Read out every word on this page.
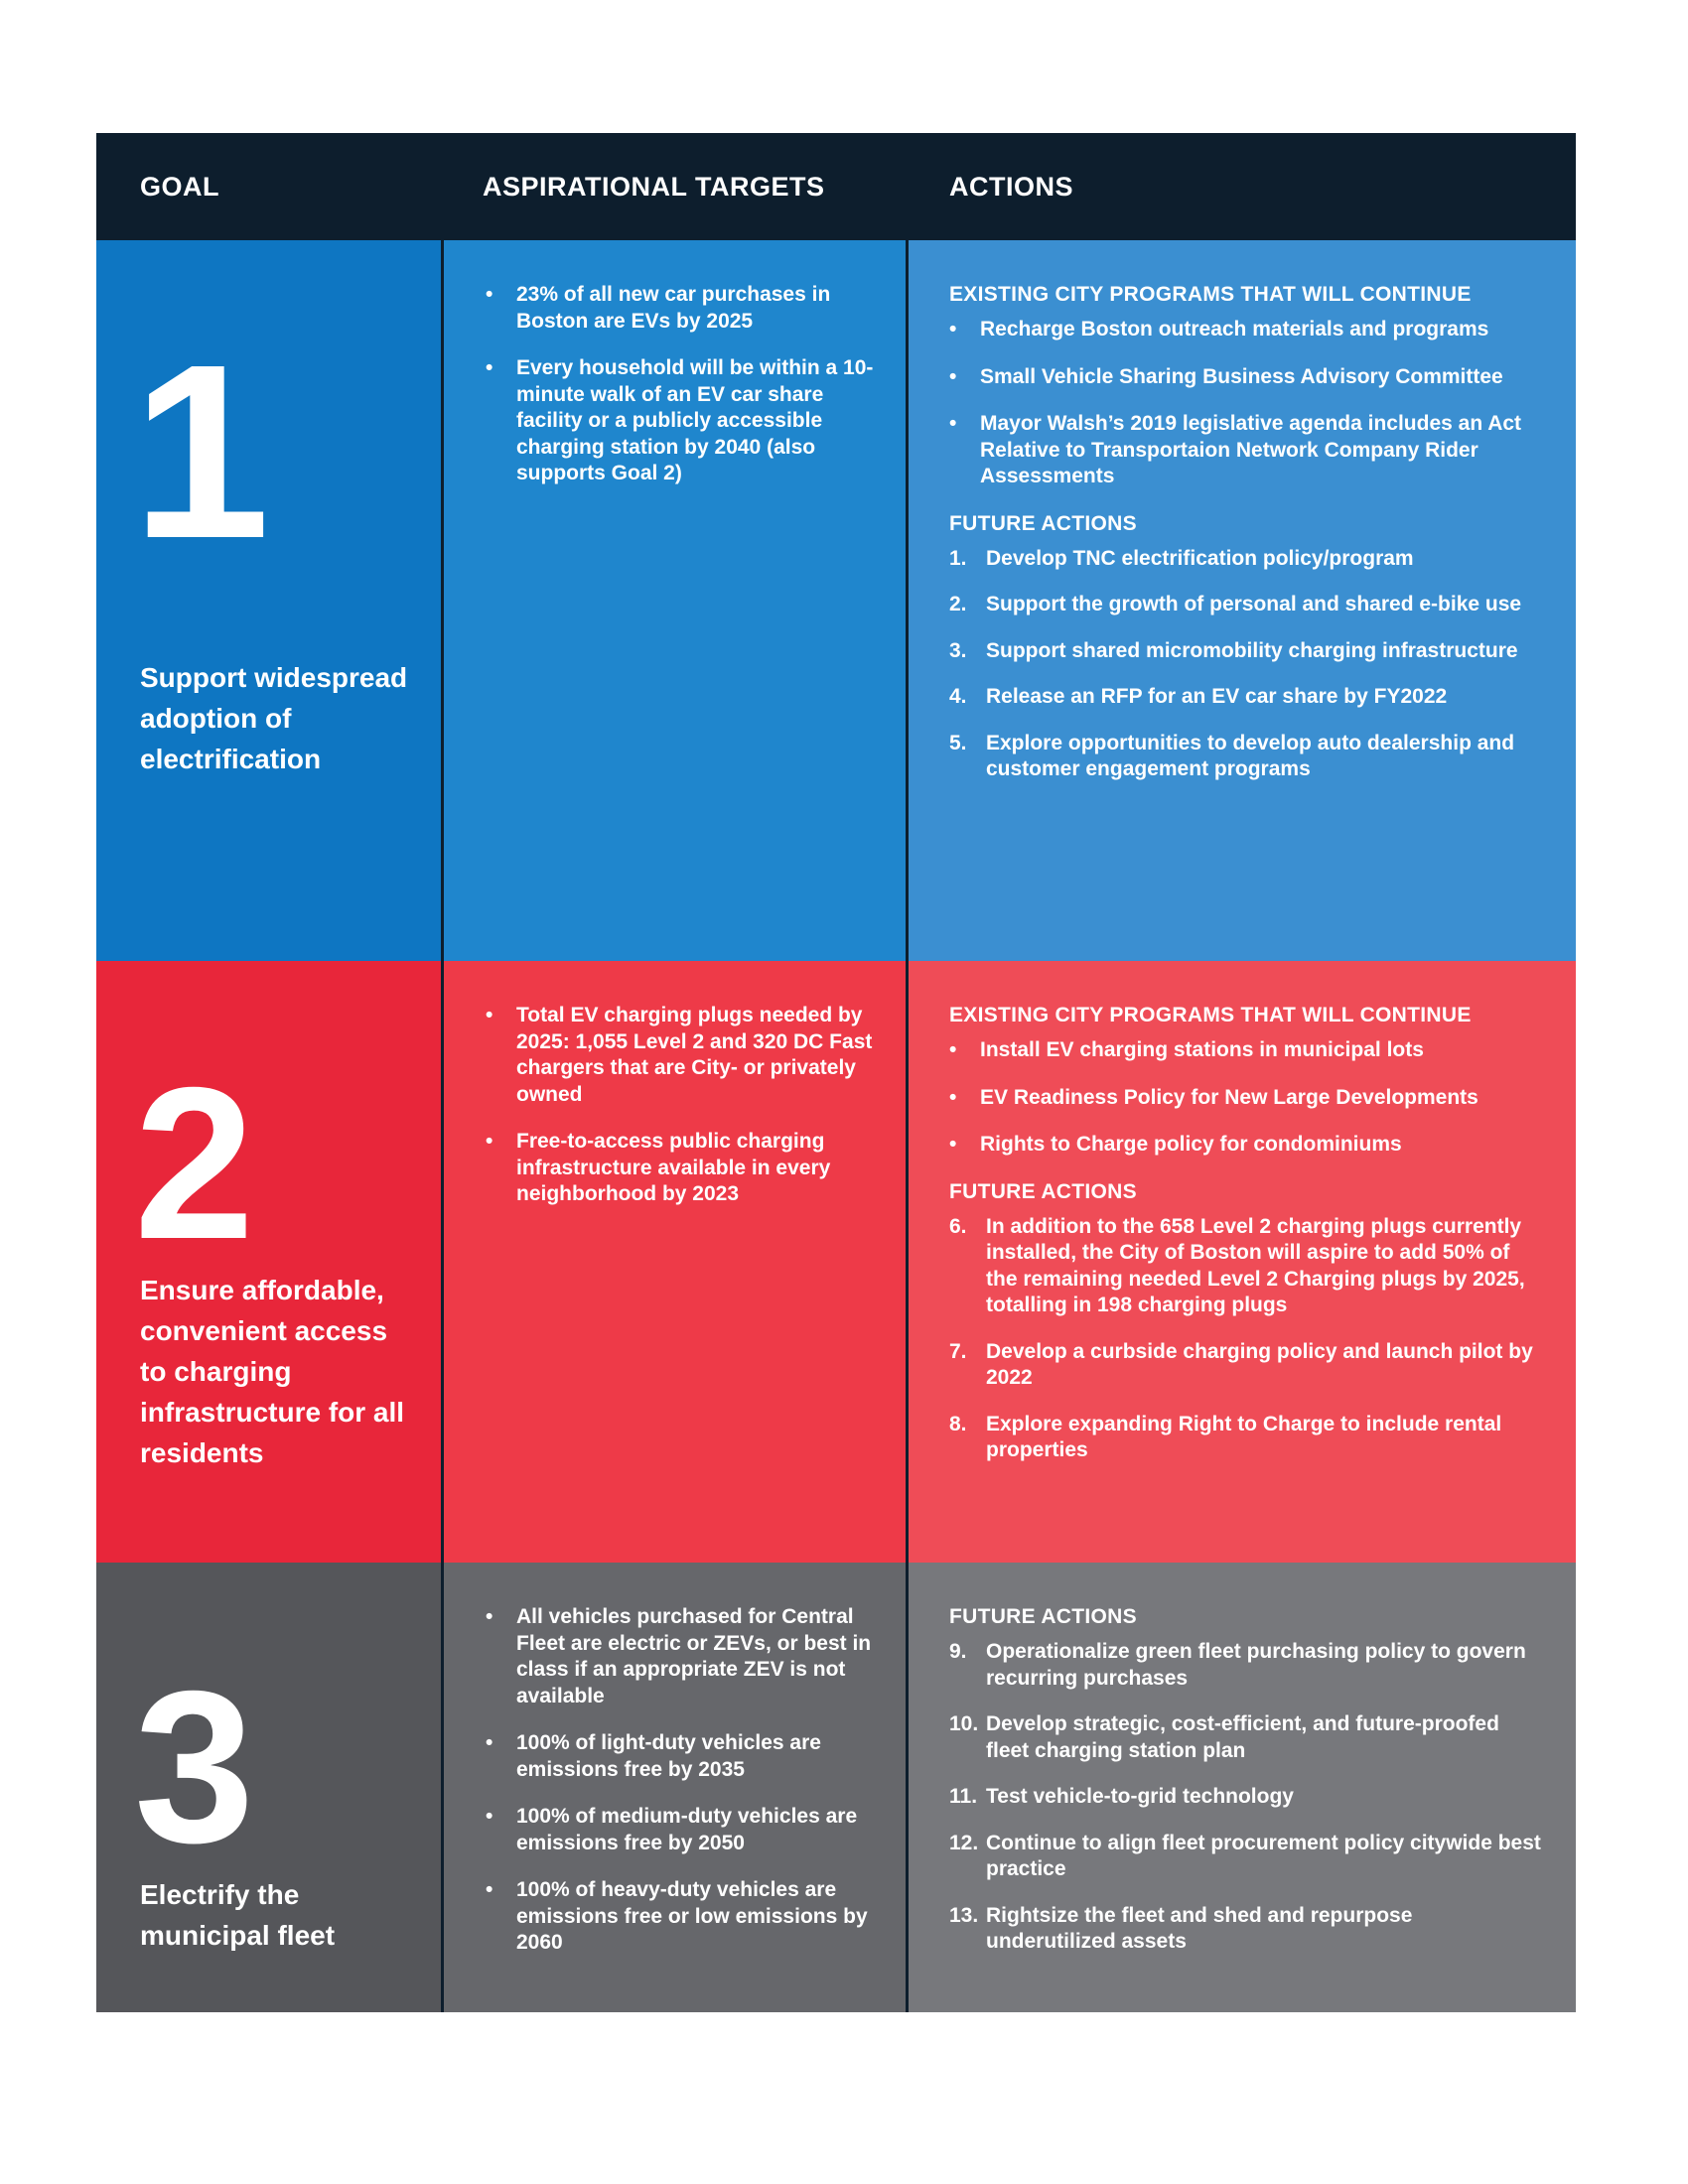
GOAL	ASPIRATIONAL TARGETS	ACTIONS
1
Support widespread adoption of electrification
• 23% of all new car purchases in Boston are EVs by 2025
• Every household will be within a 10-minute walk of an EV car share facility or a publicly accessible charging station by 2040 (also supports Goal 2)
EXISTING CITY PROGRAMS THAT WILL CONTINUE
• Recharge Boston outreach materials and programs
• Small Vehicle Sharing Business Advisory Committee
• Mayor Walsh’s 2019 legislative agenda includes an Act Relative to Transportaion Network Company Rider Assessments
FUTURE ACTIONS
1. Develop TNC electrification policy/program
2. Support the growth of personal and shared e-bike use
3. Support shared micromobility charging infrastructure
4. Release an RFP for an EV car share by FY2022
5. Explore opportunities to develop auto dealership and customer engagement programs
2
Ensure affordable, convenient access to charging infrastructure for all residents
• Total EV charging plugs needed by 2025: 1,055 Level 2 and 320 DC Fast chargers that are City- or privately owned
• Free-to-access public charging infrastructure available in every neighborhood by 2023
EXISTING CITY PROGRAMS THAT WILL CONTINUE
• Install EV charging stations in municipal lots
• EV Readiness Policy for New Large Developments
• Rights to Charge policy for condominiums
FUTURE ACTIONS
6. In addition to the 658 Level 2 charging plugs currently installed, the City of Boston will aspire to add 50% of the remaining needed Level 2 Charging plugs by 2025, totalling in 198 charging plugs
7. Develop a curbside charging policy and launch pilot by 2022
8. Explore expanding Right to Charge to include rental properties
3
Electrify the municipal fleet
• All vehicles purchased for Central Fleet are electric or ZEVs, or best in class if an appropriate ZEV is not available
• 100% of light-duty vehicles are emissions free by 2035
• 100% of medium-duty vehicles are emissions free by 2050
• 100% of heavy-duty vehicles are emissions free or low emissions by 2060
FUTURE ACTIONS
9. Operationalize green fleet purchasing policy to govern recurring purchases
10. Develop strategic, cost-efficient, and future-proofed fleet charging station plan
11. Test vehicle-to-grid technology
12. Continue to align fleet procurement policy citywide best practice
13. Rightsize the fleet and shed and repurpose underutilized assets
